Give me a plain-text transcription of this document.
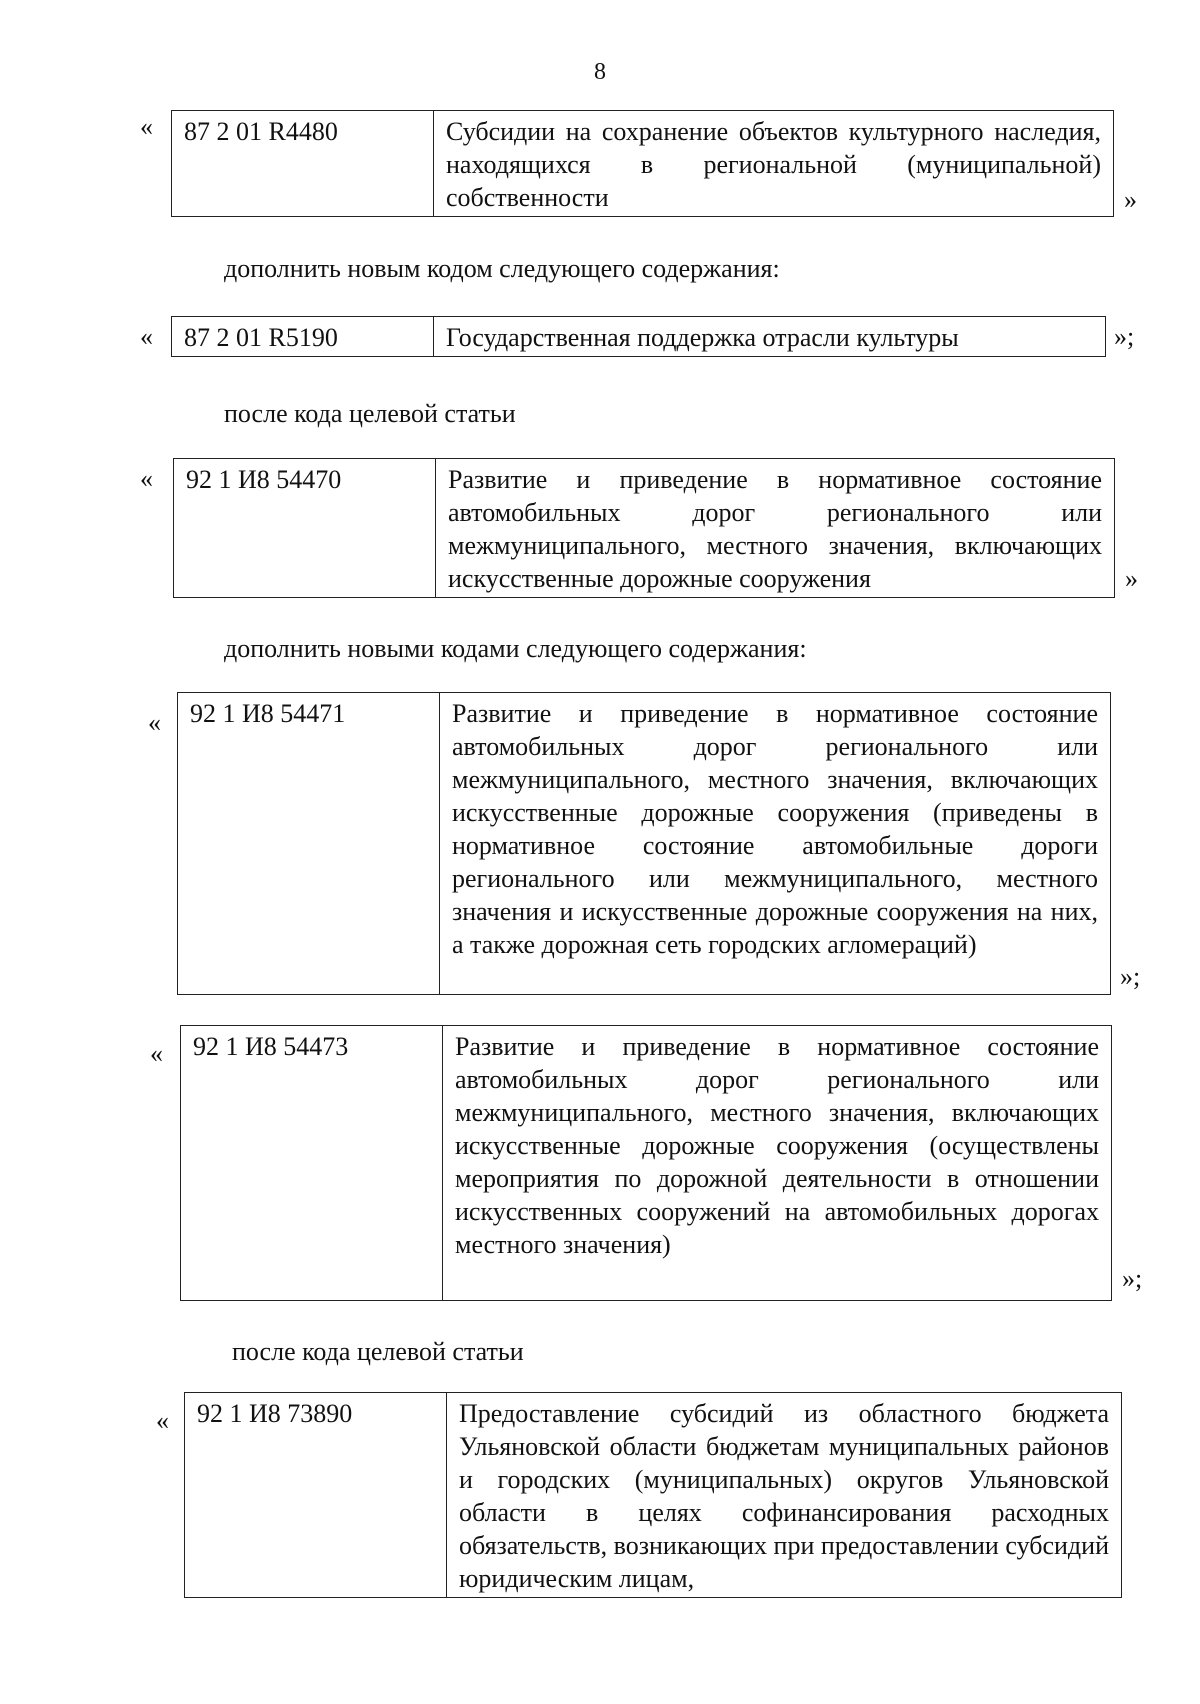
8
« 87 2 01 R4480	Субсидии на сохранение объектов культурного наследия, находящихся в региональной (муниципальной) собственности	»
дополнить новым кодом следующего содержания:
« 87 2 01 R5190	Государственная поддержка отрасли культуры	»;
после кода целевой статьи
« 92 1 И8 54470	Развитие и приведение в нормативное состояние автомобильных дорог регионального или межмуниципального, местного значения, включающих искусственные дорожные сооружения	»
дополнить новыми кодами следующего содержания:
« 92 1 И8 54471	Развитие и приведение в нормативное состояние автомобильных дорог регионального или межмуниципального, местного значения, включающих искусственные дорожные сооружения (приведены в нормативное состояние автомобильные дороги регионального или межмуниципального, местного значения и искусственные дорожные сооружения на них, а также дорожная сеть городских агломераций)
»;
« 92 1 И8 54473	Развитие и приведение в нормативное состояние автомобильных дорог регионального или межмуниципального, местного значения, включающих искусственные дорожные сооружения (осуществлены мероприятия по дорожной деятельности в отношении искусственных сооружений на автомобильных дорогах местного значения)
»;
после кода целевой статьи
« 92 1 И8 73890	Предоставление субсидий из областного бюджета Ульяновской области бюджетам муниципальных районов и городских (муниципальных) округов Ульяновской области в целях софинансирования расходных обязательств, возникающих при предоставлении субсидий юридическим лицам,
